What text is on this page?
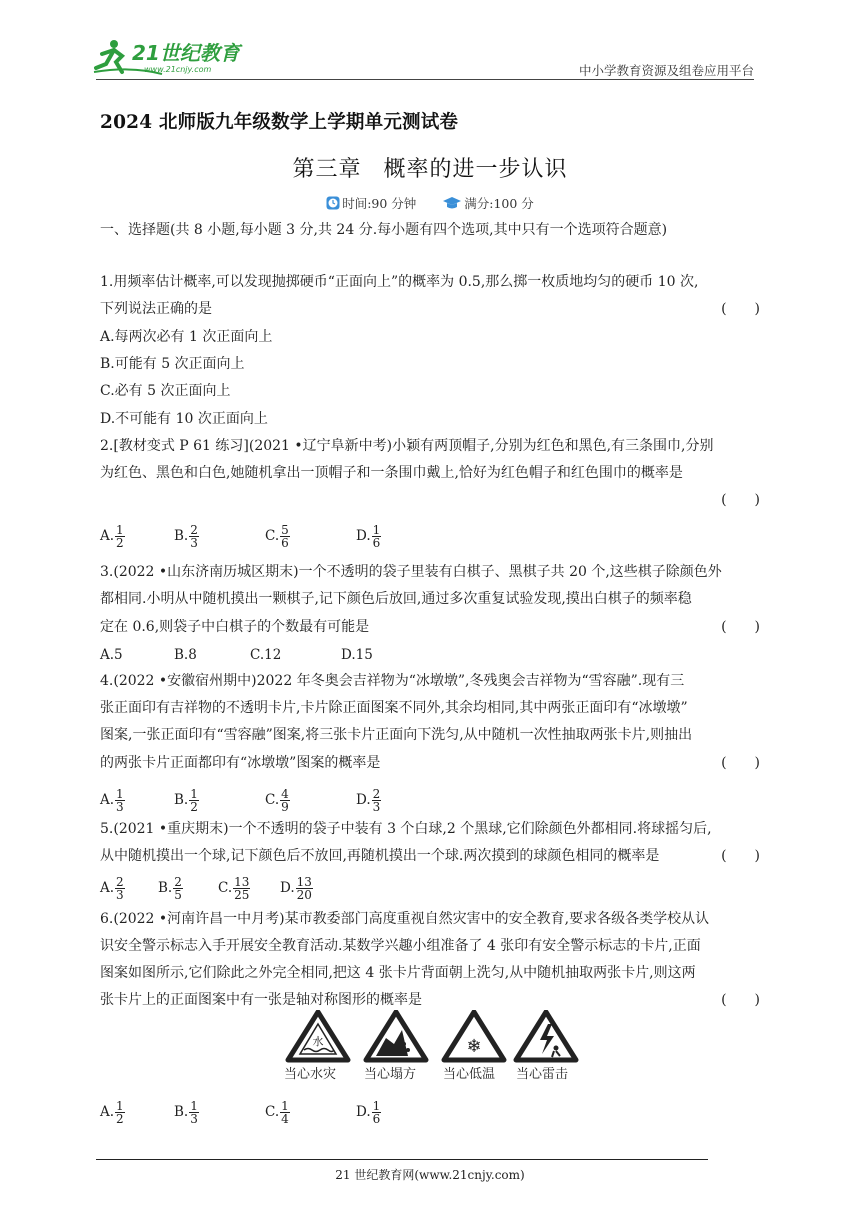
21世纪教育
www.21cnjy.com	中小学教育资源及组卷应用平台
2024 北师版九年级数学上学期单元测试卷
第三章 概率的进一步认识
时间:90 分钟
	满分:100 分
一、选择题(共 8 小题,每小题 3 分,共 24 分.每小题有四个选项,其中只有一个选项符合题意)
1.用频率估计概率,可以发现抛掷硬币“正面向上”的概率为 0.5,那么掷一枚质地均匀的硬币 10 次,
下列说法正确的是	(　　)
A.每两次必有 1 次正面向上
B.可能有 5 次正面向上
C.必有 5 次正面向上
D.不可能有 10 次正面向上
2.[教材变式 P 61 练习](2021 •辽宁阜新中考)小颖有两顶帽子,分别为红色和黑色,有三条围巾,分别
为红色、黑色和白色,她随机拿出一顶帽子和一条围巾戴上,恰好为红色帽子和红色围巾的概率是
(　　)
A. $\frac{1}{2}$	B. $\frac{2}{3}$	C. $\frac{5}{6}$	D. $\frac{1}{6}$
3.(2022 •山东济南历城区期末)一个不透明的袋子里装有白棋子、黑棋子共 20 个,这些棋子除颜色外
都相同.小明从中随机摸出一颗棋子,记下颜色后放回,通过多次重复试验发现,摸出白棋子的频率稳
定在 0.6,则袋子中白棋子的个数最有可能是	(　　)
A.5	B.8	C.12	D.15
4.(2022 •安徽宿州期中)2022 年冬奥会吉祥物为“冰墩墩”,冬残奥会吉祥物为“雪容融”.现有三
张正面印有吉祥物的不透明卡片,卡片除正面图案不同外,其余均相同,其中两张正面印有“冰墩墩”
图案,一张正面印有“雪容融”图案,将三张卡片正面向下洗匀,从中随机一次性抽取两张卡片,则抽出
的两张卡片正面都印有“冰墩墩”图案的概率是	(　　)
A. $\frac{1}{3}$	B. $\frac{1}{2}$	C. $\frac{4}{9}$	D. $\frac{2}{3}$
5.(2021 •重庆期末)一个不透明的袋子中装有 3 个白球,2 个黑球,它们除颜色外都相同.将球摇匀后,
从中随机摸出一个球,记下颜色后不放回,再随机摸出一个球.两次摸到的球颜色相同的概率是	(　　)
A. $\frac{2}{3} B$. $\frac{2}{5}$	C. $\frac{13}{25} D$. $\frac{13}{20}$
6.(2022 •河南许昌一中月考)某市教委部门高度重视自然灾害中的安全教育,要求各级各类学校从认
识安全警示标志入手开展安全教育活动.某数学兴趣小组准备了 4 张印有安全警示标志的卡片,正面
图案如图所示,它们除此之外完全相同,把这 4 张卡片背面朝上洗匀,从中随机抽取两张卡片,则这两
张卡片上的正面图案中有一张是轴对称图形的概率是	(　　)
水	❄
当心水灾 当心塌方 当心低温 当心雷击
A. $\frac{1}{2}$	B. $\frac{1}{3}$	C. $\frac{1}{4}$	D. $\frac{1}{6}$
21 世纪教育网(www.21cnjy.com)
